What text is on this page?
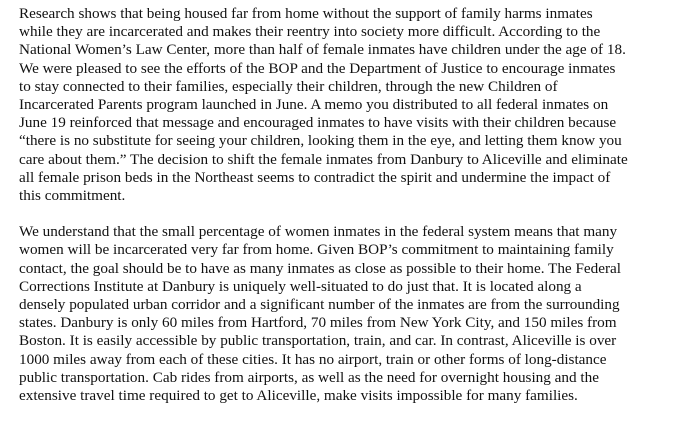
Research shows that being housed far from home without the support of family harms inmates
while they are incarcerated and makes their reentry into society more difficult. According to the
National Women’s Law Center, more than half of female inmates have children under the age of 18.
We were pleased to see the efforts of the BOP and the Department of Justice to encourage inmates
to stay connected to their families, especially their children, through the new Children of
Incarcerated Parents program launched in June. A memo you distributed to all federal inmates on
June 19 reinforced that message and encouraged inmates to have visits with their children because
“there is no substitute for seeing your children, looking them in the eye, and letting them know you
care about them.” The decision to shift the female inmates from Danbury to Aliceville and eliminate
all female prison beds in the Northeast seems to contradict the spirit and undermine the impact of
this commitment.

We understand that the small percentage of women inmates in the federal system means that many
women will be incarcerated very far from home. Given BOP’s commitment to maintaining family
contact, the goal should be to have as many inmates as close as possible to their home. The Federal
Corrections Institute at Danbury is uniquely well-situated to do just that. It is located along a
densely populated urban corridor and a significant number of the inmates are from the surrounding
states. Danbury is only 60 miles from Hartford, 70 miles from New York City, and 150 miles from
Boston. It is easily accessible by public transportation, train, and car. In contrast, Aliceville is over
1000 miles away from each of these cities. It has no airport, train or other forms of long-distance
public transportation. Cab rides from airports, as well as the need for overnight housing and the
extensive travel time required to get to Aliceville, make visits impossible for many families.
